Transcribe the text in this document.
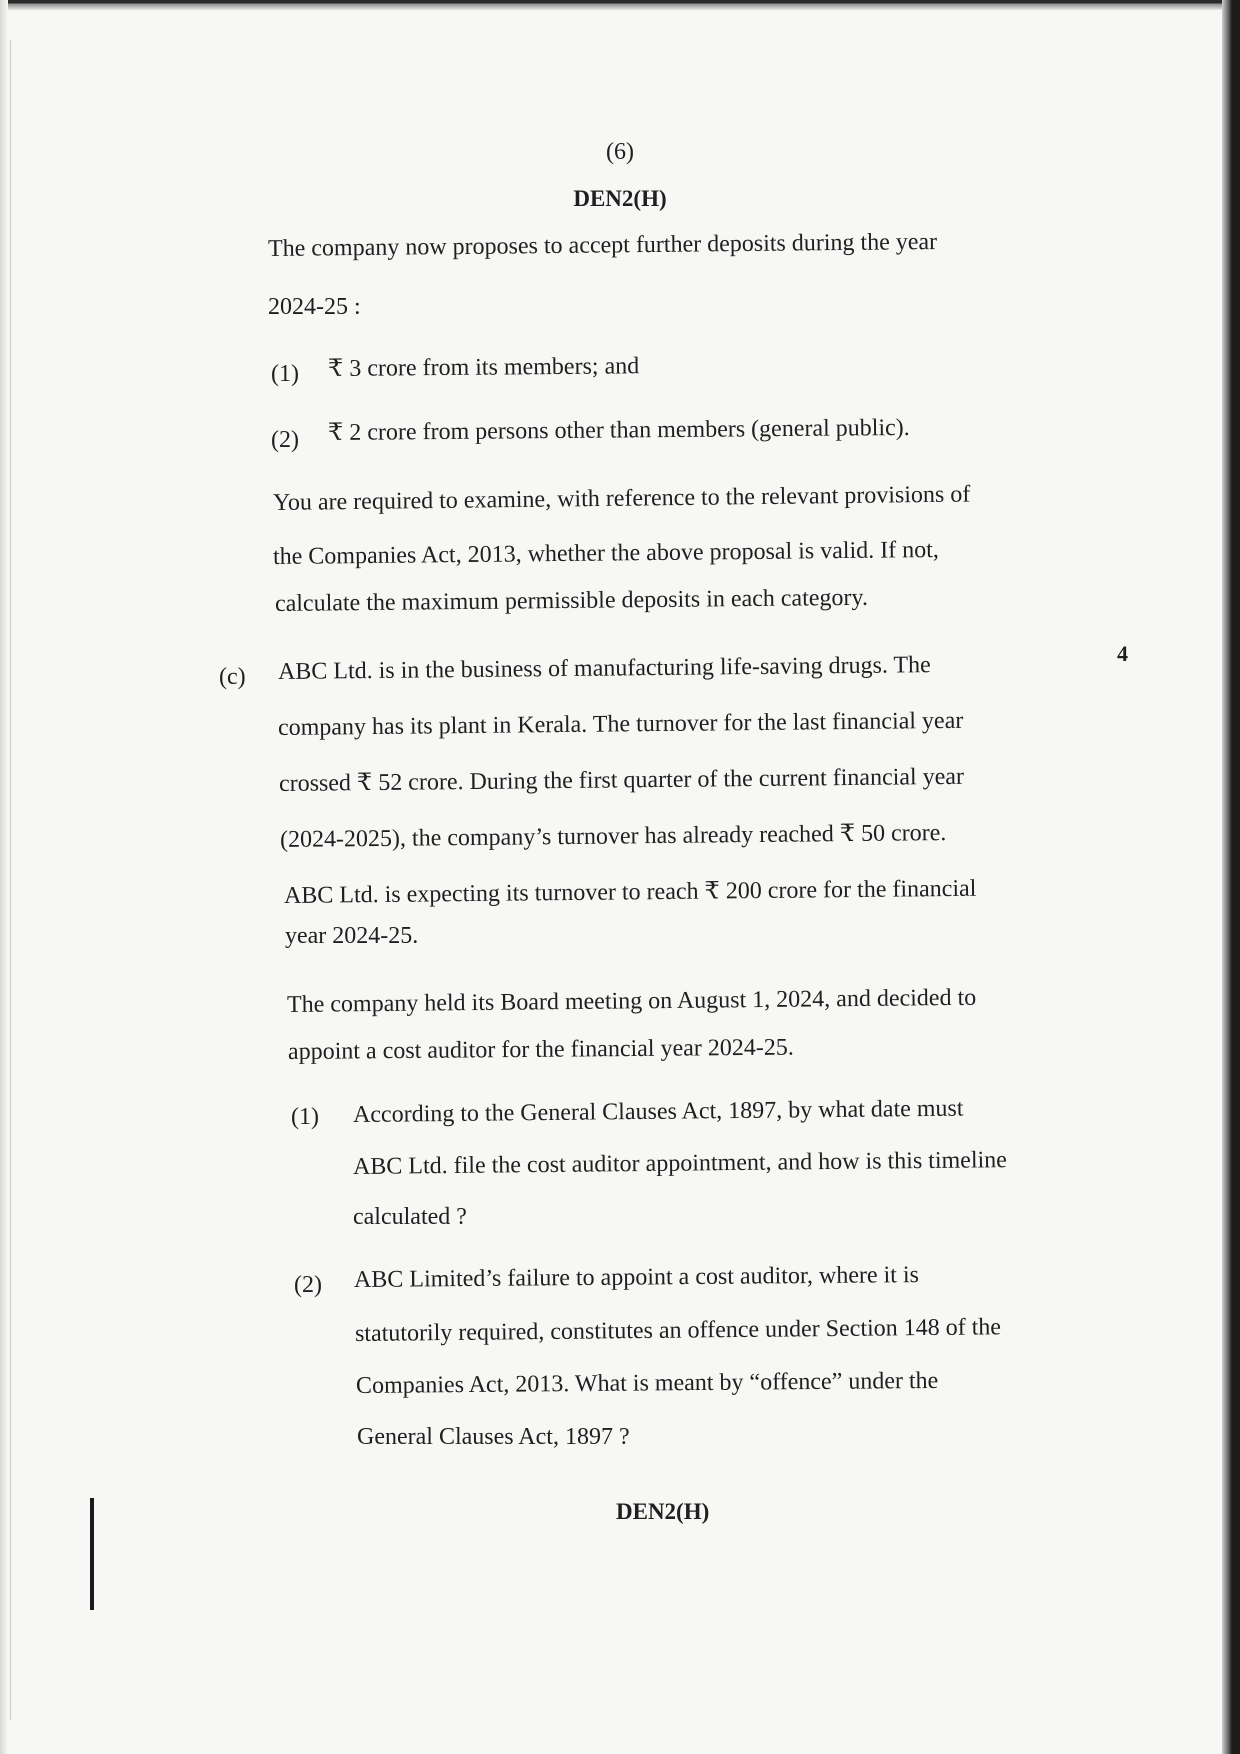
(6)
DEN2(H)
The company now proposes to accept further deposits during the year
2024-25 :
(1) ₹ 3 crore from its members; and
(2) ₹ 2 crore from persons other than members (general public).
You are required to examine, with reference to the relevant provisions of
the Companies Act, 2013, whether the above proposal is valid. If not,
calculate the maximum permissible deposits in each category.
(c)
4
ABC Ltd. is in the business of manufacturing life-saving drugs. The
company has its plant in Kerala. The turnover for the last financial year
crossed ₹ 52 crore. During the first quarter of the current financial year
(2024-2025), the company’s turnover has already reached ₹ 50 crore.
ABC Ltd. is expecting its turnover to reach ₹ 200 crore for the financial
year 2024-25.
The company held its Board meeting on August 1, 2024, and decided to
appoint a cost auditor for the financial year 2024-25.
(1) According to the General Clauses Act, 1897, by what date must
ABC Ltd. file the cost auditor appointment, and how is this timeline
calculated ?
(2) ABC Limited’s failure to appoint a cost auditor, where it is
statutorily required, constitutes an offence under Section 148 of the
Companies Act, 2013. What is meant by “offence” under the
General Clauses Act, 1897 ?
DEN2(H)
